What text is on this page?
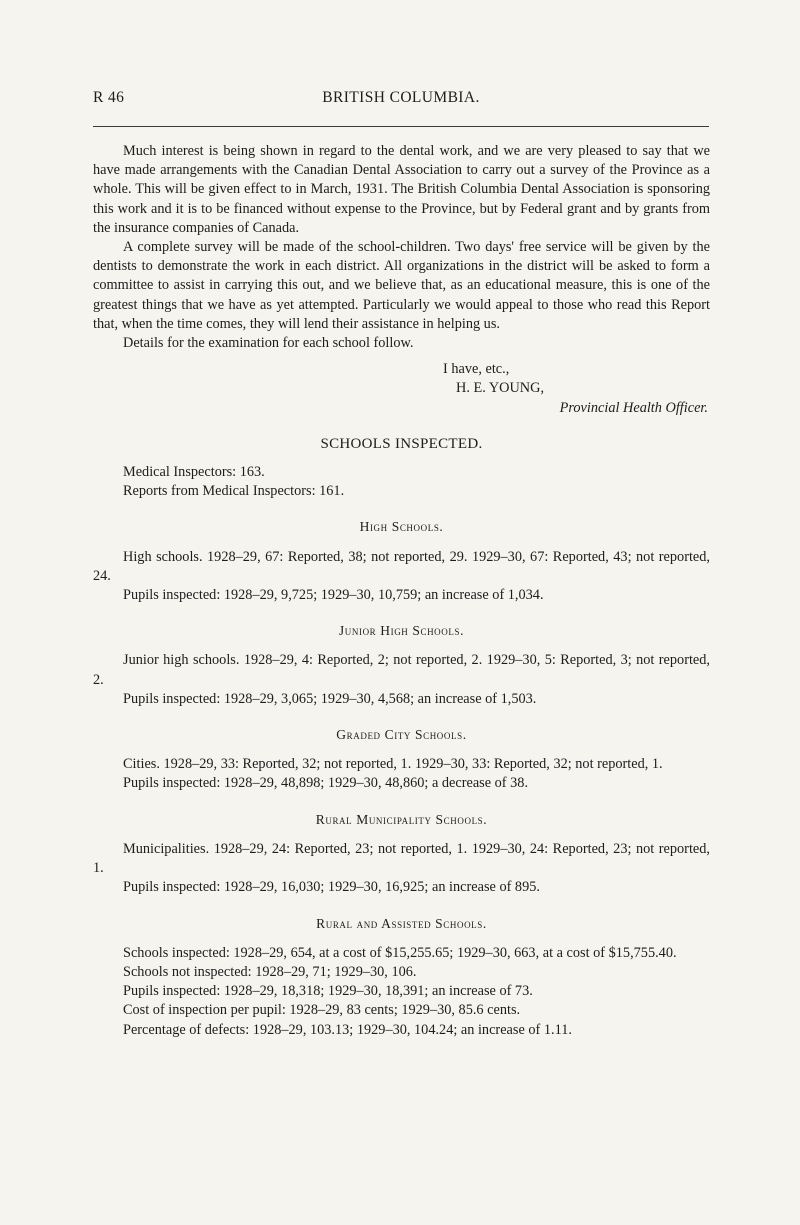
R 46	BRITISH COLUMBIA.

Much interest is being shown in regard to the dental work, and we are very pleased to say that we have made arrangements with the Canadian Dental Association to carry out a survey of the Province as a whole. This will be given effect to in March, 1931. The British Columbia Dental Association is sponsoring this work and it is to be financed without expense to the Province, but by Federal grant and by grants from the insurance companies of Canada.

A complete survey will be made of the school-children. Two days' free service will be given by the dentists to demonstrate the work in each district. All organizations in the district will be asked to form a committee to assist in carrying this out, and we believe that, as an educational measure, this is one of the greatest things that we have as yet attempted. Particularly we would appeal to those who read this Report that, when the time comes, they will lend their assistance in helping us.

Details for the examination for each school follow.

I have, etc.,

H. E. YOUNG,

Provincial Health Officer.

SCHOOLS INSPECTED.

Medical Inspectors: 163.

Reports from Medical Inspectors: 161.

High Schools.

High schools. 1928–29, 67: Reported, 38; not reported, 29. 1929–30, 67: Reported, 43; not reported, 24.

Pupils inspected: 1928–29, 9,725; 1929–30, 10,759; an increase of 1,034.

Junior High Schools.

Junior high schools. 1928–29, 4: Reported, 2; not reported, 2. 1929–30, 5: Reported, 3; not reported, 2.

Pupils inspected: 1928–29, 3,065; 1929–30, 4,568; an increase of 1,503.

Graded City Schools.

Cities. 1928–29, 33: Reported, 32; not reported, 1. 1929–30, 33: Reported, 32; not reported, 1.

Pupils inspected: 1928–29, 48,898; 1929–30, 48,860; a decrease of 38.

Rural Municipality Schools.

Municipalities. 1928–29, 24: Reported, 23; not reported, 1. 1929–30, 24: Reported, 23; not reported, 1.

Pupils inspected: 1928–29, 16,030; 1929–30, 16,925; an increase of 895.

Rural and Assisted Schools.

Schools inspected: 1928–29, 654, at a cost of $15,255.65; 1929–30, 663, at a cost of $15,755.40.

Schools not inspected: 1928–29, 71; 1929–30, 106.

Pupils inspected: 1928–29, 18,318; 1929–30, 18,391; an increase of 73.

Cost of inspection per pupil: 1928–29, 83 cents; 1929–30, 85.6 cents.

Percentage of defects: 1928–29, 103.13; 1929–30, 104.24; an increase of 1.11.
